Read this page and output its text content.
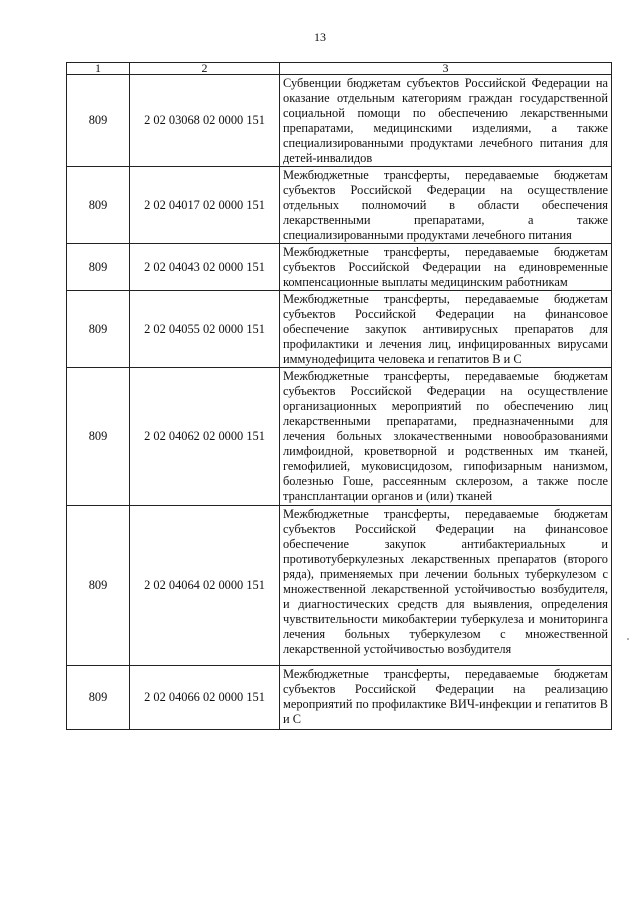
13
1	2	3
809	2 02 03068 02 0000 151	Субвенции бюджетам субъектов Российской Федерации на оказание отдельным категориям граждан государственной социальной помощи по обеспечению лекарственными препаратами, медицинскими изделиями, а также специализированными продуктами лечебного питания для детей-инвалидов
809	2 02 04017 02 0000 151	Межбюджетные трансферты, передаваемые бюджетам субъектов Российской Федерации на осуществление отдельных полномочий в области обеспечения лекарственными препаратами, а также специализированными продуктами лечебного питания
809	2 02 04043 02 0000 151	Межбюджетные трансферты, передаваемые бюджетам субъектов Российской Федерации на единовременные компенсационные выплаты медицинским работникам
809	2 02 04055 02 0000 151	Межбюджетные трансферты, передаваемые бюджетам субъектов Российской Федерации на финансовое обеспечение закупок антивирусных препаратов для профилактики и лечения лиц, инфицированных вирусами иммунодефицита человека и гепатитов В и С
809	2 02 04062 02 0000 151	Межбюджетные трансферты, передаваемые бюджетам субъектов Российской Федерации на осуществление организационных мероприятий по обеспечению лиц лекарственными препаратами, предназначенными для лечения больных злокачественными новообразованиями лимфоидной, кроветворной и родственных им тканей, гемофилией, муковисцидозом, гипофизарным нанизмом, болезнью Гоше, рассеянным склерозом, а также после трансплантации органов и (или) тканей
809	2 02 04064 02 0000 151	Межбюджетные трансферты, передаваемые бюджетам субъектов Российской Федерации на финансовое обеспечение закупок антибактериальных и противотуберкулезных лекарственных препаратов (второго ряда), применяемых при лечении больных туберкулезом с множественной лекарственной устойчивостью возбудителя, и диагностических средств для выявления, определения чувствительности микобактерии туберкулеза и мониторинга лечения больных туберкулезом с множественной лекарственной устойчивостью возбудителя
809	2 02 04066 02 0000 151	Межбюджетные трансферты, передаваемые бюджетам субъектов Российской Федерации на реализацию мероприятий по профилактике ВИЧ-инфекции и гепатитов В и С
